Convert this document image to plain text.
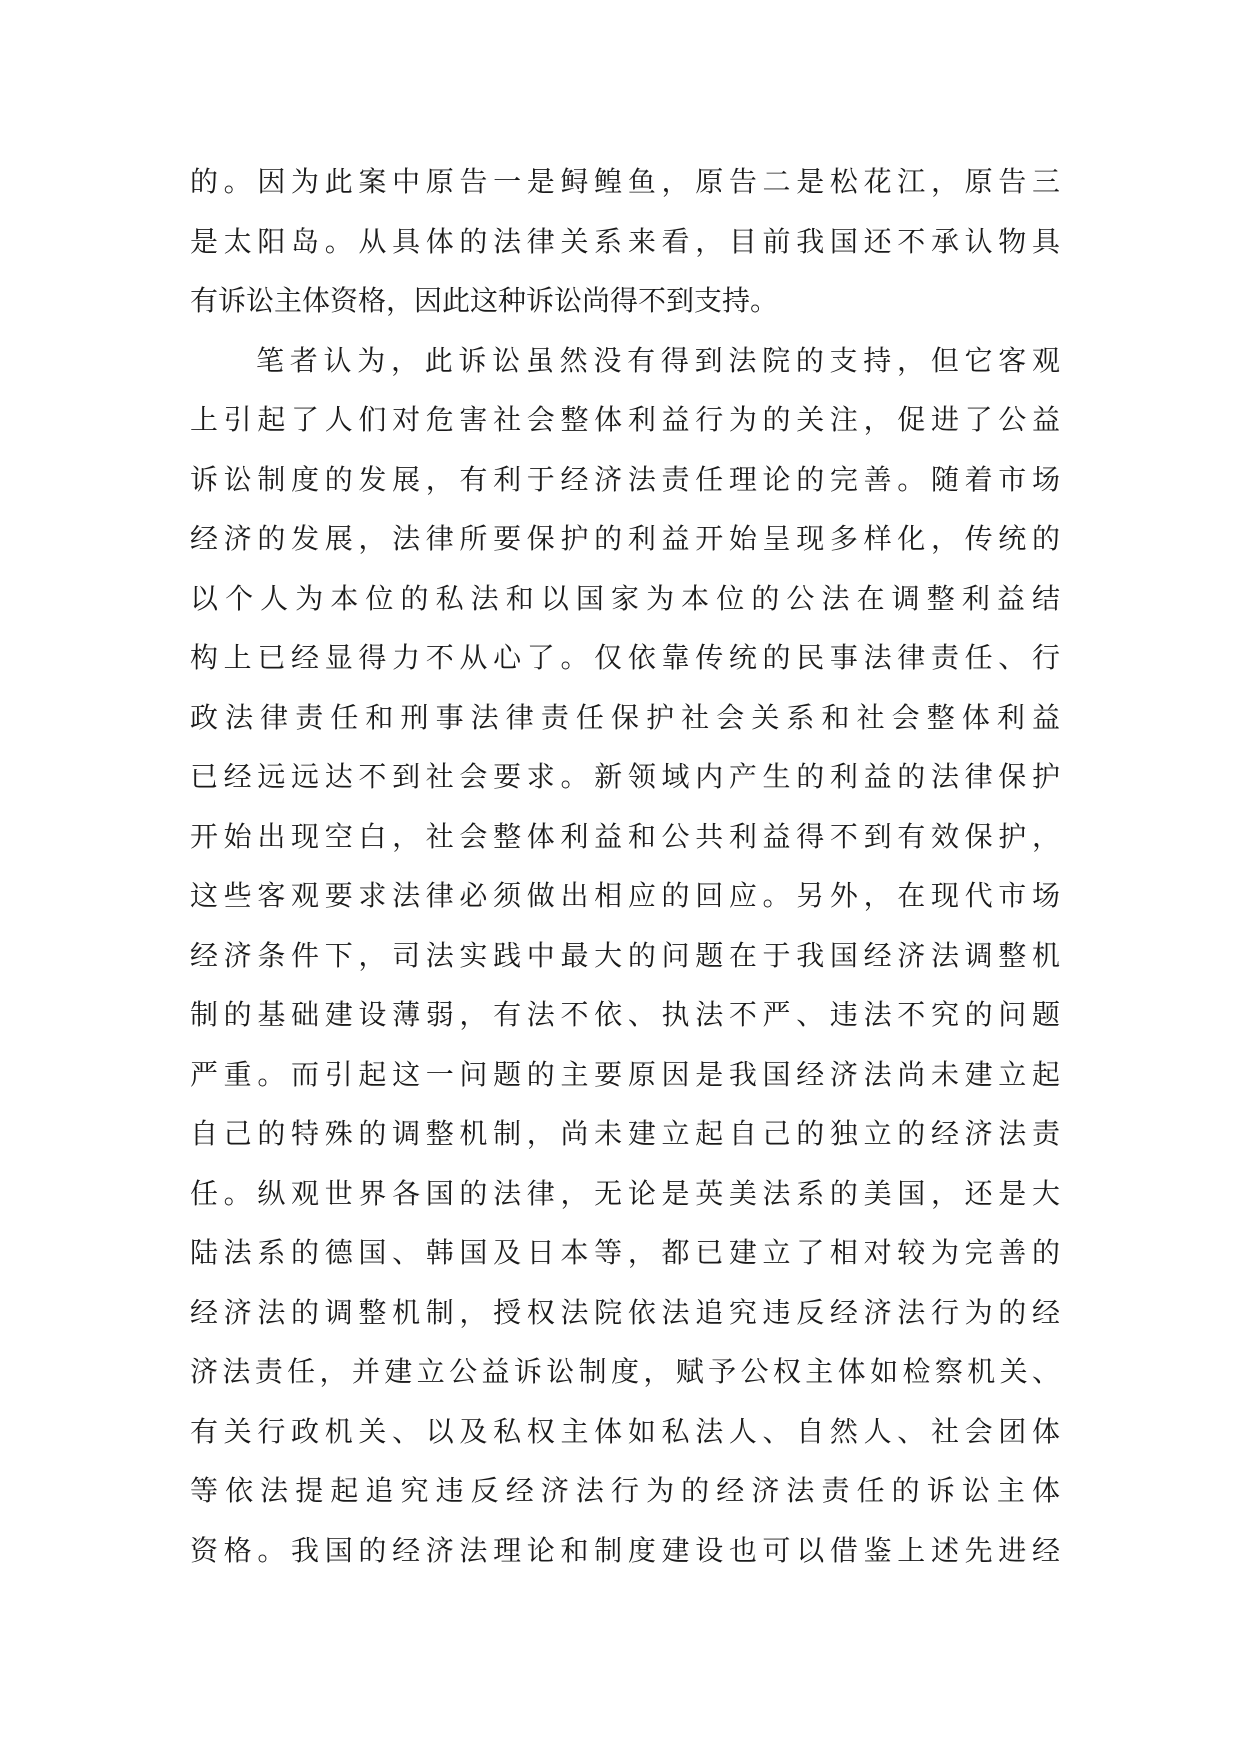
的。因为此案中原告一是鲟鳇鱼，原告二是松花江，原告三
是太阳岛。从具体的法律关系来看，目前我国还不承认物具
有诉讼主体资格，因此这种诉讼尚得不到支持。
笔者认为，此诉讼虽然没有得到法院的支持，但它客观
上引起了人们对危害社会整体利益行为的关注，促进了公益
诉讼制度的发展，有利于经济法责任理论的完善。随着市场
经济的发展，法律所要保护的利益开始呈现多样化，传统的
以个人为本位的私法和以国家为本位的公法在调整利益结
构上已经显得力不从心了。仅依靠传统的民事法律责任、行
政法律责任和刑事法律责任保护社会关系和社会整体利益
已经远远达不到社会要求。新领域内产生的利益的法律保护
开始出现空白，社会整体利益和公共利益得不到有效保护，
这些客观要求法律必须做出相应的回应。另外，在现代市场
经济条件下，司法实践中最大的问题在于我国经济法调整机
制的基础建设薄弱，有法不依、执法不严、违法不究的问题
严重。而引起这一问题的主要原因是我国经济法尚未建立起
自己的特殊的调整机制，尚未建立起自己的独立的经济法责
任。纵观世界各国的法律，无论是英美法系的美国，还是大
陆法系的德国、韩国及日本等，都已建立了相对较为完善的
经济法的调整机制，授权法院依法追究违反经济法行为的经
济法责任，并建立公益诉讼制度，赋予公权主体如检察机关、
有关行政机关、以及私权主体如私法人、自然人、社会团体
等依法提起追究违反经济法行为的经济法责任的诉讼主体
资格。我国的经济法理论和制度建设也可以借鉴上述先进经
